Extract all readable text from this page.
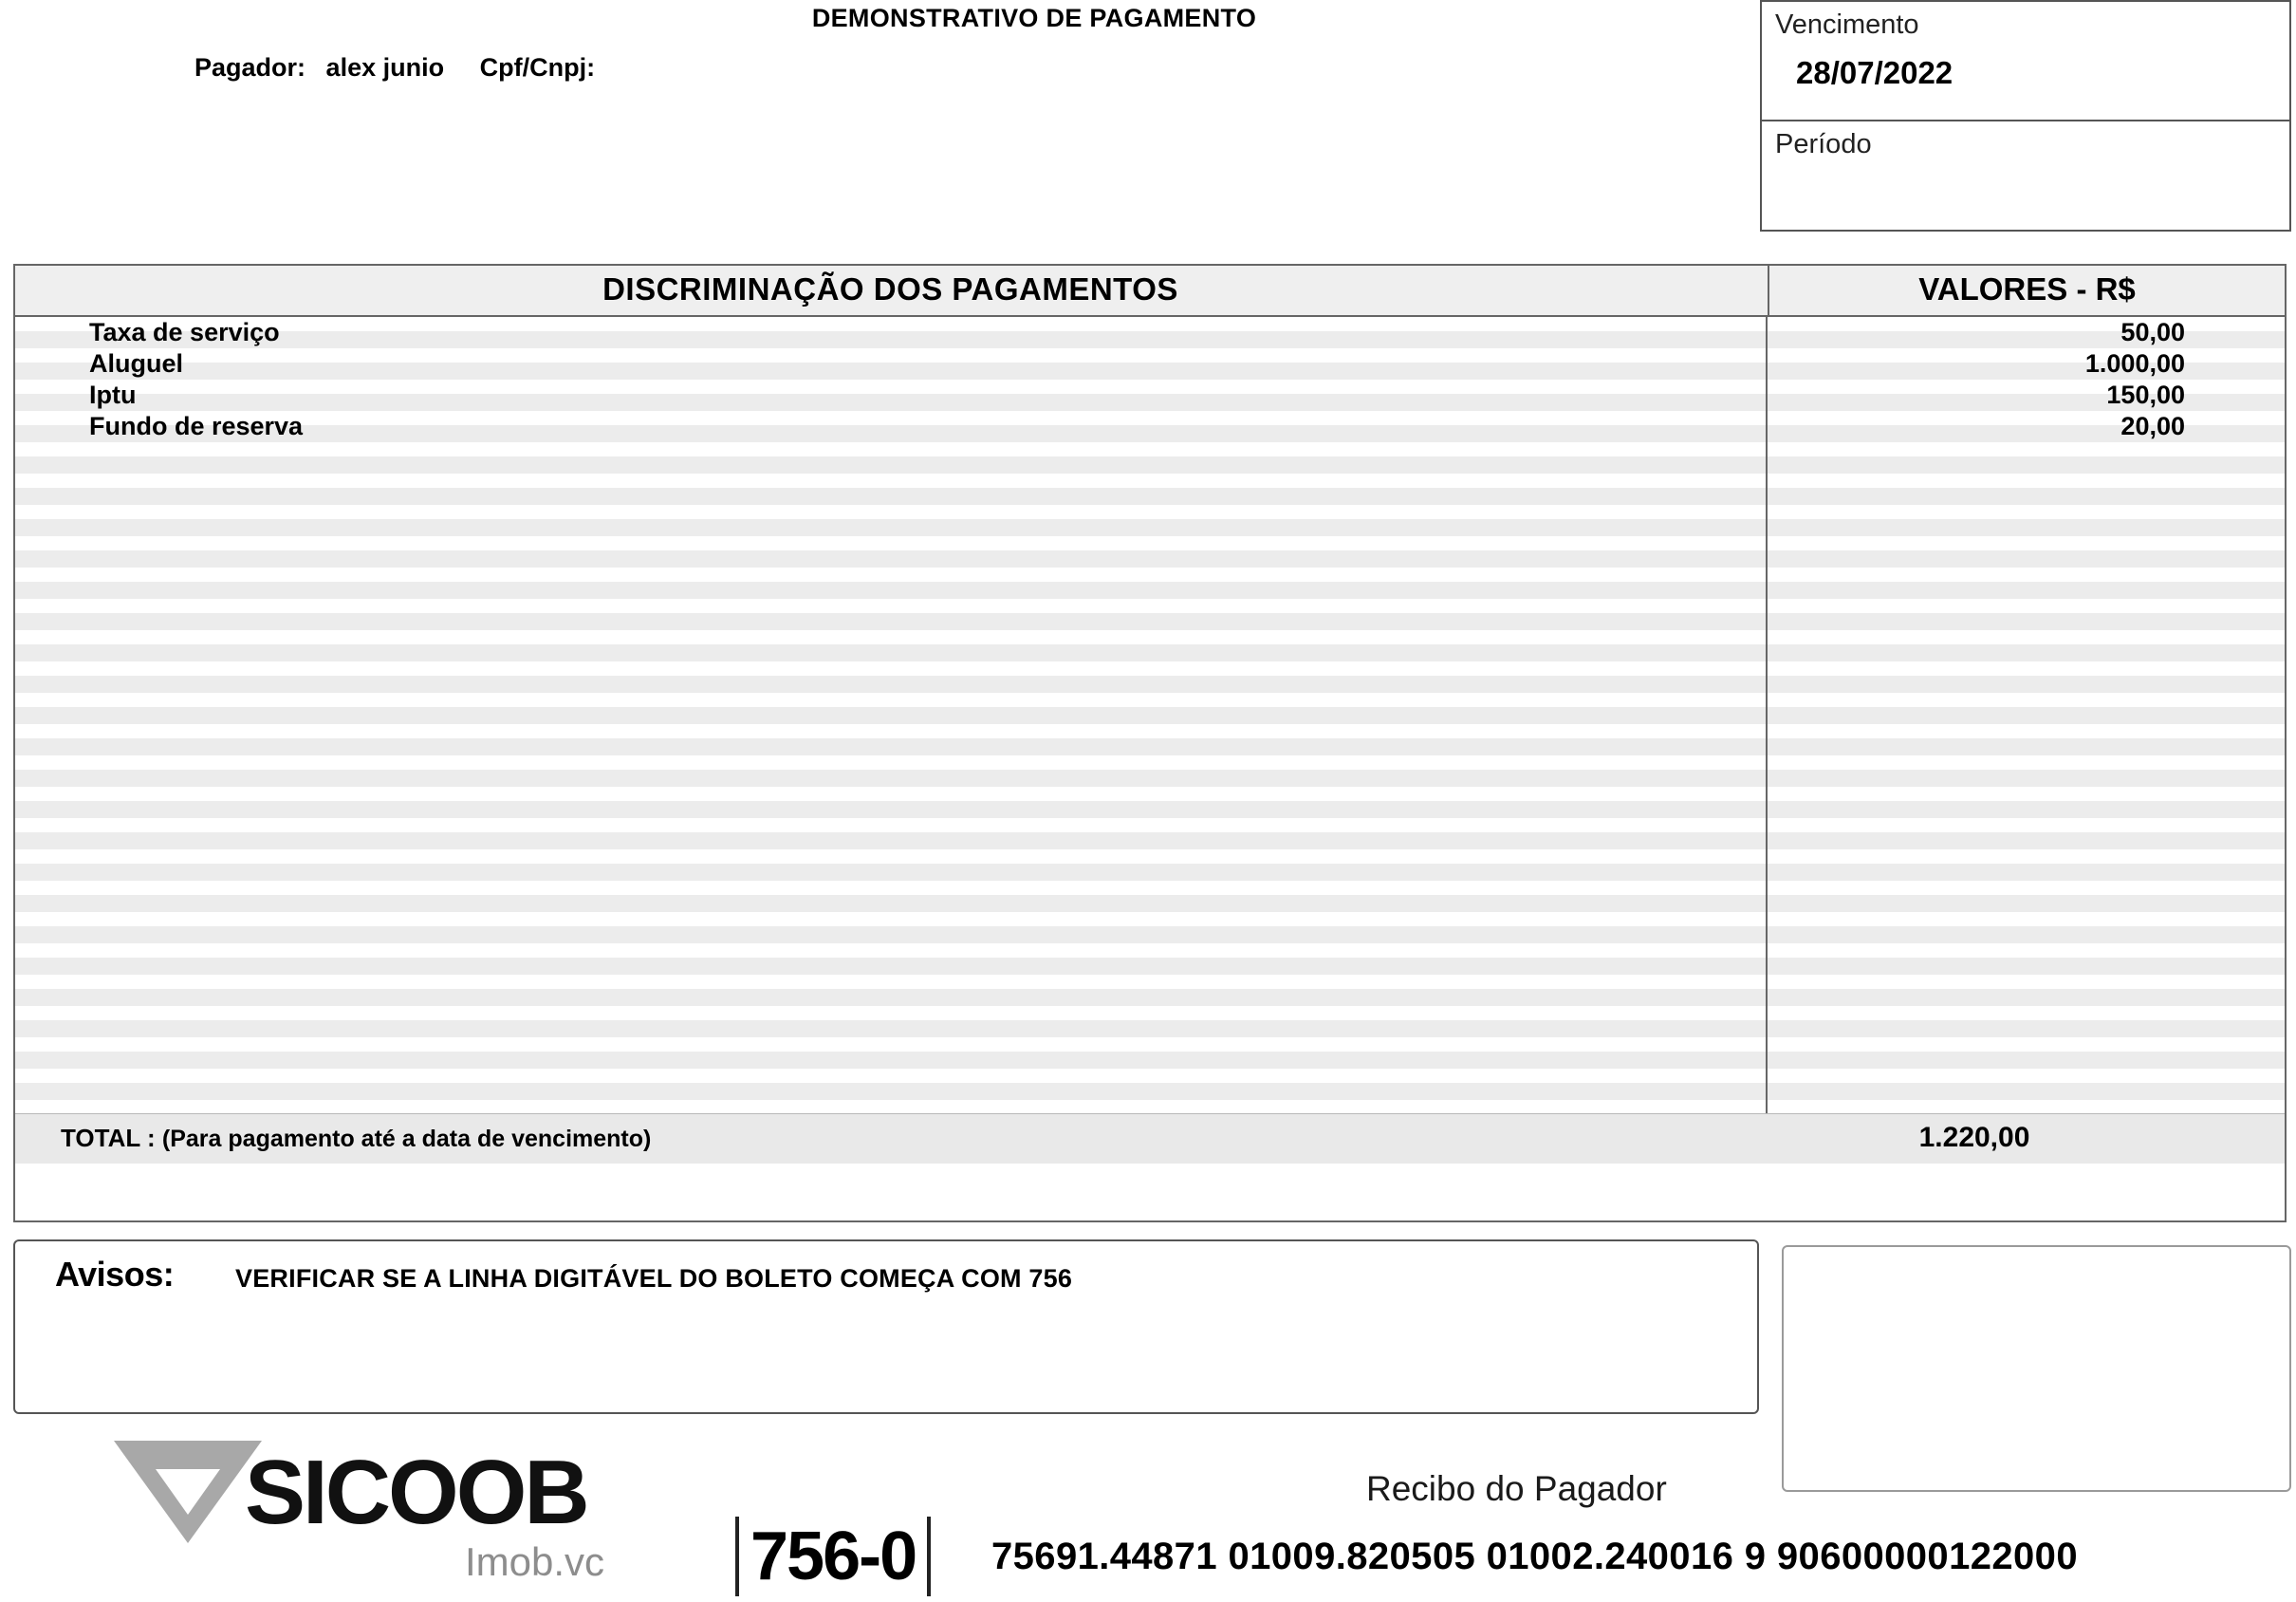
DEMONSTRATIVO DE PAGAMENTO
Pagador: alex junio Cpf/Cnpj:
Vencimento
28/07/2022
Período
DISCRIMINAÇÃO DOS PAGAMENTOS	VALORES - R$
Taxa de serviço	50,00
Aluguel	1.000,00
Iptu	150,00
Fundo de reserva	20,00
TOTAL : (Para pagamento até a data de vencimento)	1.220,00
Avisos: VERIFICAR SE A LINHA DIGITÁVEL DO BOLETO COMEÇA COM 756
SICOOB
Imob.vc 756-0	75691.44871 01009.820505 01002.240016 9 90600000122000
Recibo do Pagador
